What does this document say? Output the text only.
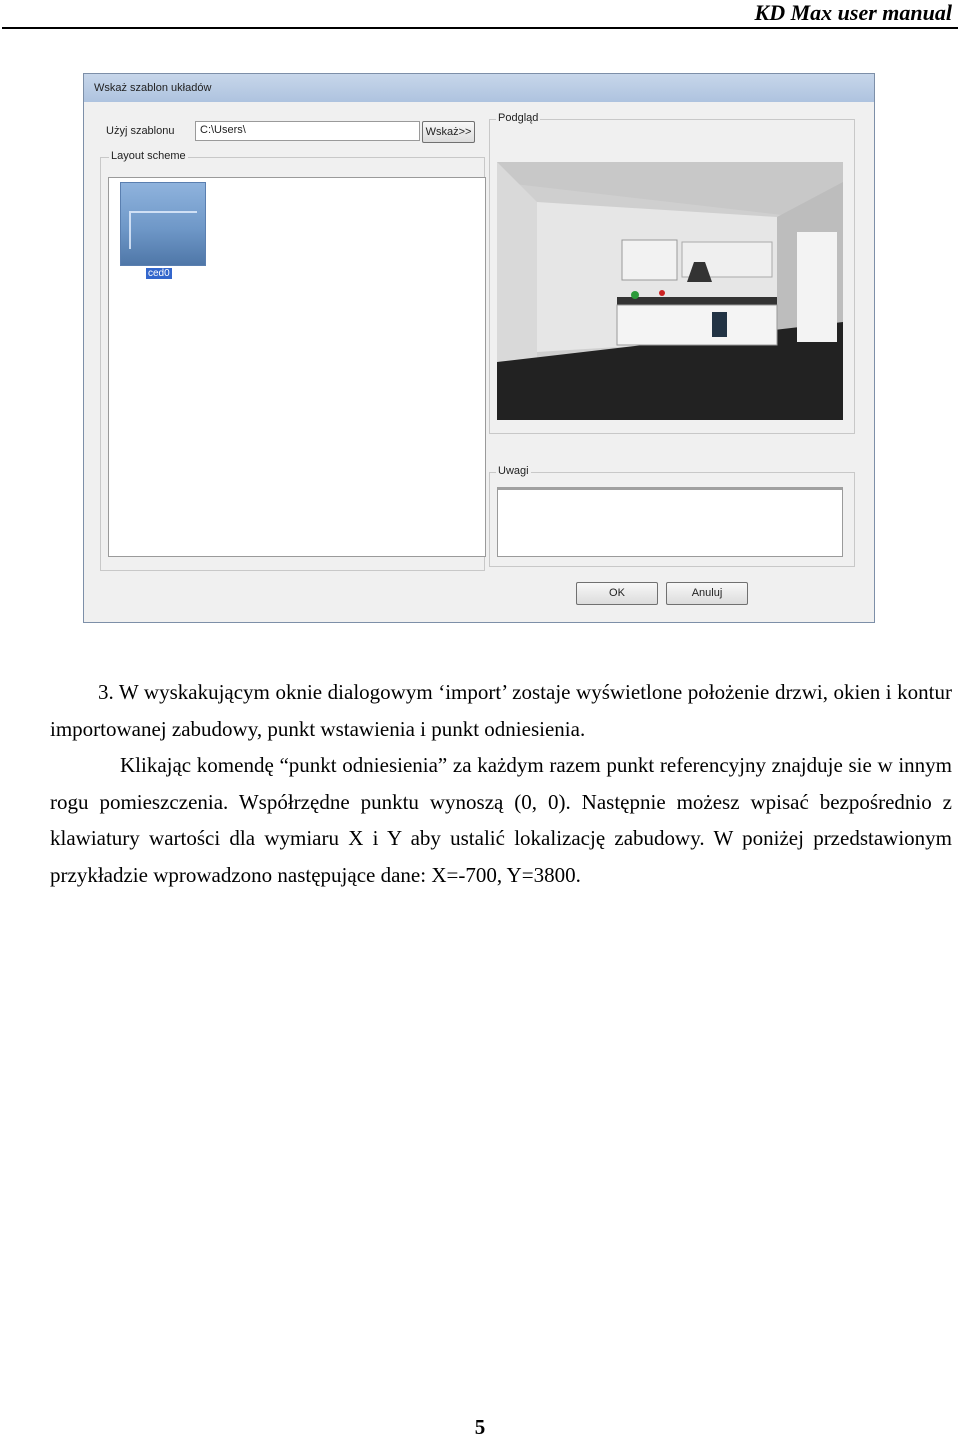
KD Max user manual
Wskaż szablon układów
Użyj szablonu	C:\Users\	Wskaż>>
Layout scheme
ced0
Podgląd
Uwagi
OK	Anuluj
3. W wyskakującym oknie dialogowym ‘import’ zostaje wyświetlone położenie drzwi, okien i kontur importowanej zabudowy, punkt wstawienia i punkt odniesienia.
Klikając komendę “punkt odniesienia” za każdym razem punkt referencyjny znajduje sie w innym rogu pomieszczenia. Współrzędne punktu wynoszą (0, 0). Następnie możesz wpisać bezpośrednio z klawiatury wartości dla wymiaru X i Y aby ustalić lokalizację zabudowy. W poniżej przedstawionym przykładzie wprowadzono następujące dane: X=-700, Y=3800.
5
